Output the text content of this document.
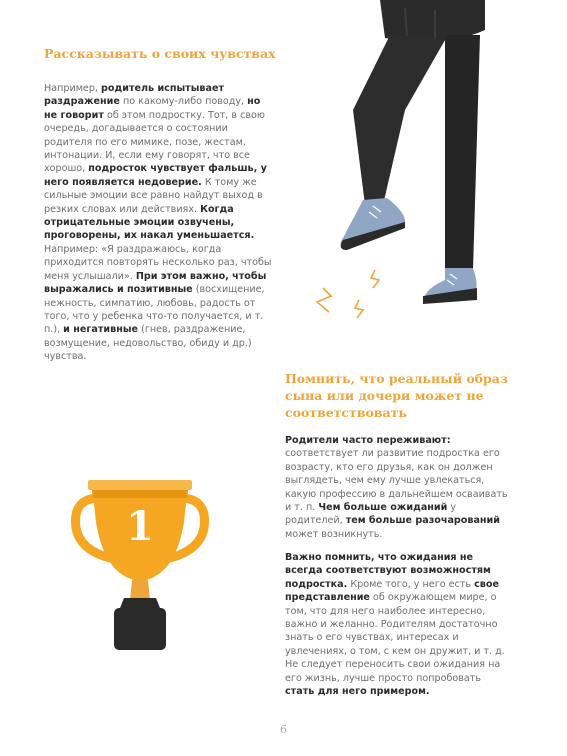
Рассказывать о своих чувствах

Например, родитель испытывает раздражение по какому-либо поводу, но не говорит об этом подростку. Тот, в свою очередь, догадывается о состоянии родителя по его мимике, позе, жестам, интонации. И, если ему говорят, что все хорошо, подросток чувствует фальшь, у него появляется недоверие. К тому же сильные эмоции все равно найдут выход в резких словах или действиях. Когда отрицательные эмоции озвучены, проговорены, их накал уменьшается. Например: «Я раздражаюсь, когда приходится повторять несколько раз, чтобы меня услышали». При этом важно, чтобы выражались и позитивные (восхищение, нежность, симпатию, любовь, радость от того, что у ребенка что-то получается, и т. п.), и негативные (гнев, раздражение, возмущение, недовольство, обиду и др.) чувства.

Помнить, что реальный образ сына или дочери может не соответствовать

Родители часто переживают: соответствует ли развитие подростка его возрасту, кто его друзья, как он должен выглядеть, чем ему лучше увлекаться, какую профессию в дальнейшем осваивать и т. п. Чем больше ожиданий у родителей, тем больше разочарований может возникнуть.

Важно помнить, что ожидания не всегда соответствуют возможностям подростка. Кроме того, у него есть свое представление об окружающем мире, о том, что для него наиболее интересно, важно и желанно. Родителям достаточно знать о его чувствах, интересах и увлечениях, о том, с кем он дружит, и т. д. Не следует переносить свои ожидания на его жизнь, лучше просто попробовать стать для него примером.

1
6
